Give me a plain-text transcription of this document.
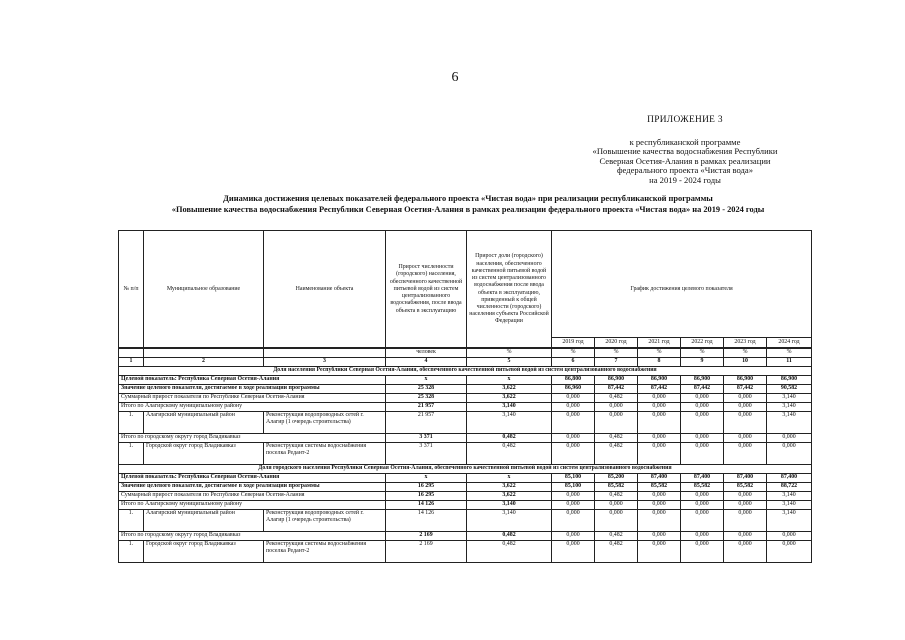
6
ПРИЛОЖЕНИЕ 3
к республиканской программе
«Повышение качества водоснабжения Республики
Северная Осетия-Алания в рамках реализации
федерального проекта «Чистая вода»
на 2019 - 2024 годы
Динамика достижения целевых показателей федерального проекта «Чистая вода» при реализации республиканской программы
«Повышение качества водоснабжения Республики Северная Осетия-Алания в рамках реализации федерального проекта «Чистая вода» на 2019 - 2024 годы
№ п/п	Муниципальное образование	Наименование объекта	Прирост численности (городского) населения, обеспеченного качественной питьевой водой из систем централизованного водоснабжения, после ввода объекта в эксплуатацию	Прирост доли (городского) населения, обеспеченного качественной питьевой водой из систем централизованного водоснабжения после ввода объекта в эксплуатацию, приведенный к общей численности (городского) населения субъекта Российской Федерации	График достижения целевого показателя

					2019 год	2020 год	2021 год	2022 год	2023 год	2024 год
			человек	%	%	%	%	%	%	%
1	2	3	4	5	6	7	8	9	10	11
Доля населения Республики Северная Осетия-Алания, обеспеченного качественной питьевой водой из систем централизованного водоснабжения										
Целевой показатель: Республика Северная Осетия-Алания			х	х	86,800	86,900	86,900	86,900	86,900	86,900
Значение целевого показателя, достигаемое в ходе реализации программы			25 328	3,622	86,960	87,442	87,442	87,442	87,442	90,582
Суммарный прирост показателя по Республике Северная Осетия-Алания			25 328	3,622	0,000	0,482	0,000	0,000	0,000	3,140
Итого по Алагирскому муниципальному району			21 957	3,140	0,000	0,000	0,000	0,000	0,000	3,140
1.	Алагирский муниципальный район	Реконструкция водопроводных сетей г. Алагир (1 очередь строительства)	21 957	3,140	0,000	0,000	0,000	0,000	0,000	3,140
Итого по городскому округу город Владикавказ			3 371	0,482	0,000	0,482	0,000	0,000	0,000	0,000
1.	Городской округ город Владикавказ	Реконструкция системы водоснабжения поселка Редант-2	3 371	0,482	0,000	0,482	0,000	0,000	0,000	0,000
Доля городского населения Республики Северная Осетия-Алания, обеспеченного качественной питьевой водой из систем централизованного водоснабжения										
Целевой показатель: Республика Северная Осетия-Алания			х	х	85,100	85,200	87,400	87,400	87,400	87,400
Значение целевого показателя, достигаемое в ходе реализации программы			16 295	3,622	85,100	85,582	85,582	85,582	85,582	88,722
Суммарный прирост показателя по Республике Северная Осетия-Алания			16 295	3,622	0,000	0,482	0,000	0,000	0,000	3,140
Итого по Алагирскому муниципальному району			14 126	3,140	0,000	0,000	0,000	0,000	0,000	3,140
1.	Алагирский муниципальный район	Реконструкция водопроводных сетей г. Алагир (1 очередь строительства)	14 126	3,140	0,000	0,000	0,000	0,000	0,000	3,140
Итого по городскому округу город Владикавказ			2 169	0,482	0,000	0,482	0,000	0,000	0,000	0,000
1.	Городской округ город Владикавказ	Реконструкция системы водоснабжения поселка Редант-2	2 169	0,482	0,000	0,482	0,000	0,000	0,000	0,000
